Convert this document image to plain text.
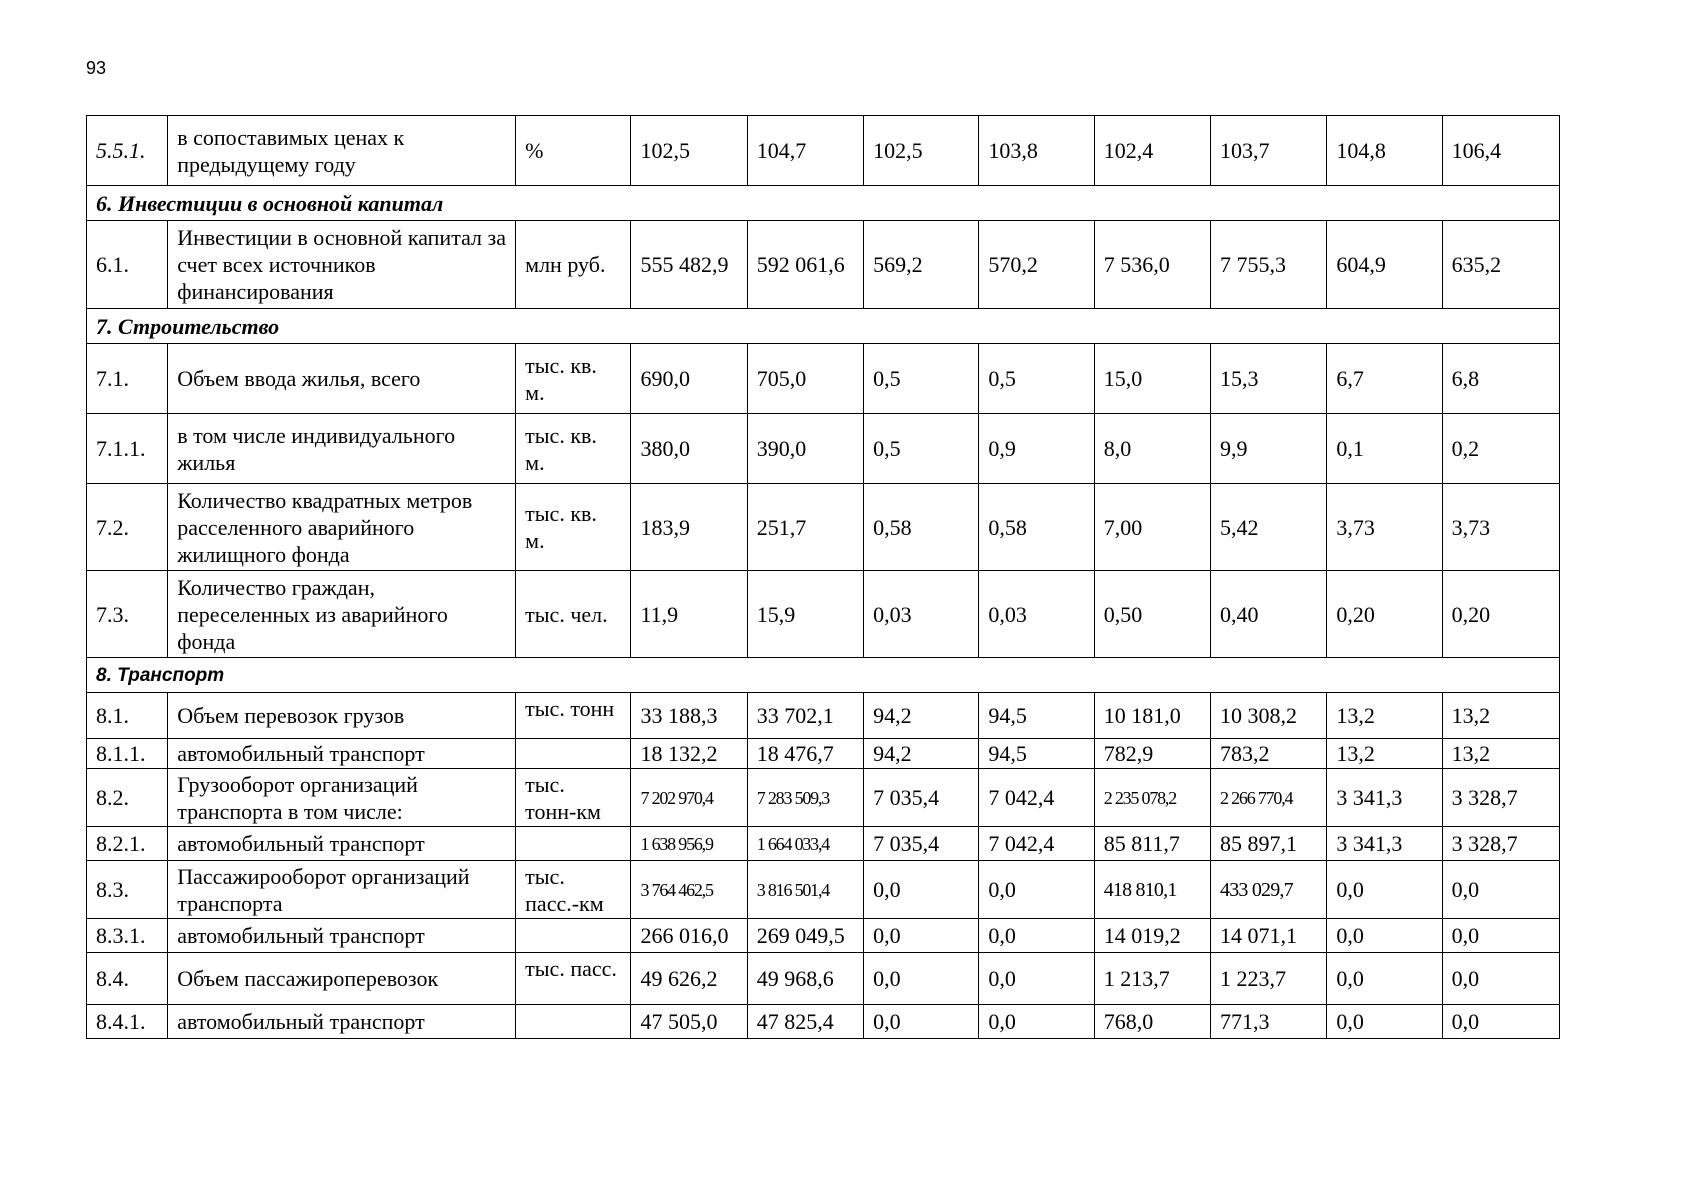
93
5.5.1.	в сопоставимых ценах к предыдущему году	%	102,5	104,7	102,5	103,8	102,4	103,7	104,8	106,4
6. Инвестиции в основной капитал										
6.1.	Инвестиции в основной капитал за счет всех источников финансирования	млн руб.	555 482,9	592 061,6	569,2	570,2	7 536,0	7 755,3	604,9	635,2
7. Строительство										
7.1.	Объем ввода жилья, всего	тыс. кв. м.	690,0	705,0	0,5	0,5	15,0	15,3	6,7	6,8
7.1.1.	в том числе индивидуального жилья	тыс. кв. м.	380,0	390,0	0,5	0,9	8,0	9,9	0,1	0,2
7.2.	Количество квадратных метров расселенного аварийного жилищного фонда	тыс. кв. м.	183,9	251,7	0,58	0,58	7,00	5,42	3,73	3,73
7.3.	Количество граждан, переселенных из аварийного фонда	тыс. чел.	11,9	15,9	0,03	0,03	0,50	0,40	0,20	0,20
8. Транспорт										
8.1.	Объем перевозок грузов	тыс. тонн	33 188,3	33 702,1	94,2	94,5	10 181,0	10 308,2	13,2	13,2
8.1.1.	автомобильный транспорт		18 132,2	18 476,7	94,2	94,5	782,9	783,2	13,2	13,2
8.2.	Грузооборот организаций транспорта в том числе:	тыс. тонн-км	7 202 970,4	7 283 509,3	7 035,4	7 042,4	2 235 078,2	2 266 770,4	3 341,3	3 328,7
8.2.1.	автомобильный транспорт		1 638 956,9	1 664 033,4	7 035,4	7 042,4	85 811,7	85 897,1	3 341,3	3 328,7
8.3.	Пассажирооборот организаций транспорта	тыс. пасс.-км	3 764 462,5	3 816 501,4	0,0	0,0	418 810,1	433 029,7	0,0	0,0
8.3.1.	автомобильный транспорт		266 016,0	269 049,5	0,0	0,0	14 019,2	14 071,1	0,0	0,0
8.4.	Объем пассажироперевозок	тыс. пасс.	49 626,2	49 968,6	0,0	0,0	1 213,7	1 223,7	0,0	0,0
8.4.1.	автомобильный транспорт		47 505,0	47 825,4	0,0	0,0	768,0	771,3	0,0	0,0
